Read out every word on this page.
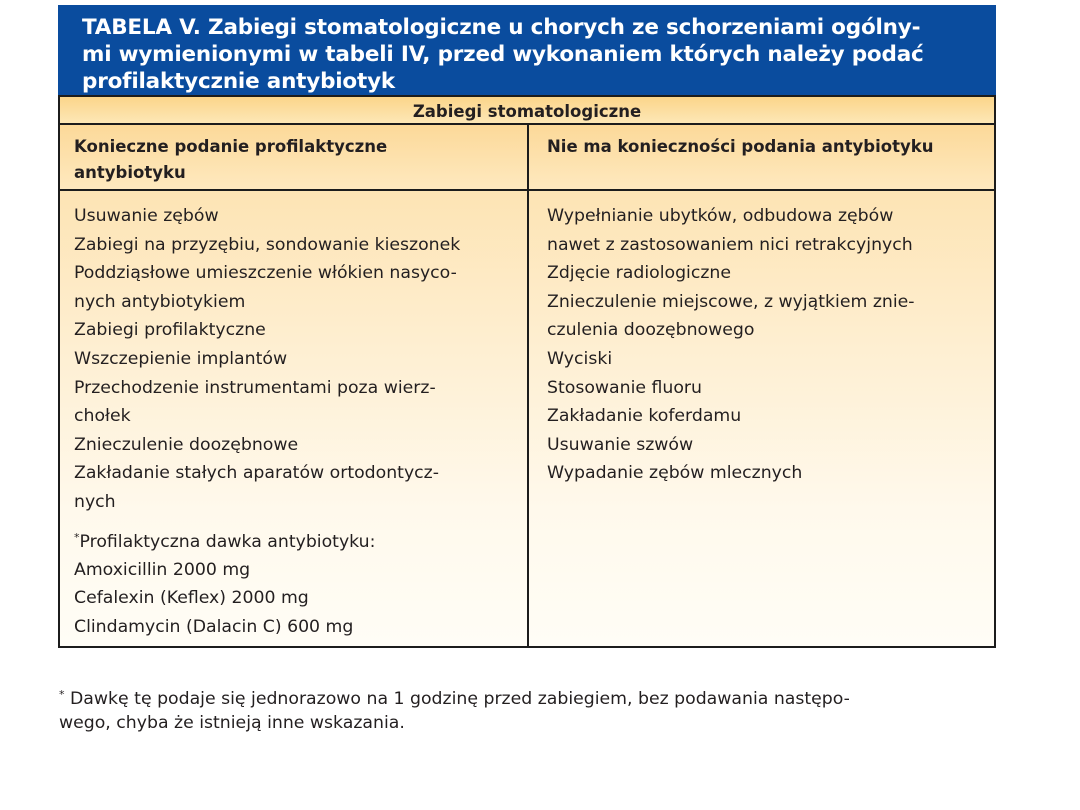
TABELA V. Zabiegi stomatologiczne u chorych ze schorzeniami ogólny-
mi wymienionymi w tabeli IV, przed wykonaniem których należy podać
profilaktycznie antybiotyk
Zabiegi stomatologiczne
Konieczne podanie profilaktyczne
antybiotyku
Nie ma konieczności podania antybiotyku
Usuwanie zębów
Zabiegi na przyzębiu, sondowanie kieszonek
Poddziąsłowe umieszczenie włókien nasyco-
nych antybiotykiem
Zabiegi profilaktyczne
Wszczepienie implantów
Przechodzenie instrumentami poza wierz-
chołek
Znieczulenie doozębnowe
Zakładanie stałych aparatów ortodontycz-
nych
*Profilaktyczna dawka antybiotyku:
Amoxicillin 2000 mg
Cefalexin (Keflex) 2000 mg
Clindamycin (Dalacin C) 600 mg
Wypełnianie ubytków, odbudowa zębów
nawet z zastosowaniem nici retrakcyjnych
Zdjęcie radiologiczne
Znieczulenie miejscowe, z wyjątkiem znie-
czulenia doozębnowego
Wyciski
Stosowanie fluoru
Zakładanie koferdamu
Usuwanie szwów
Wypadanie zębów mlecznych
* Dawkę tę podaje się jednorazowo na 1 godzinę przed zabiegiem, bez podawania następo-
wego, chyba że istnieją inne wskazania.
